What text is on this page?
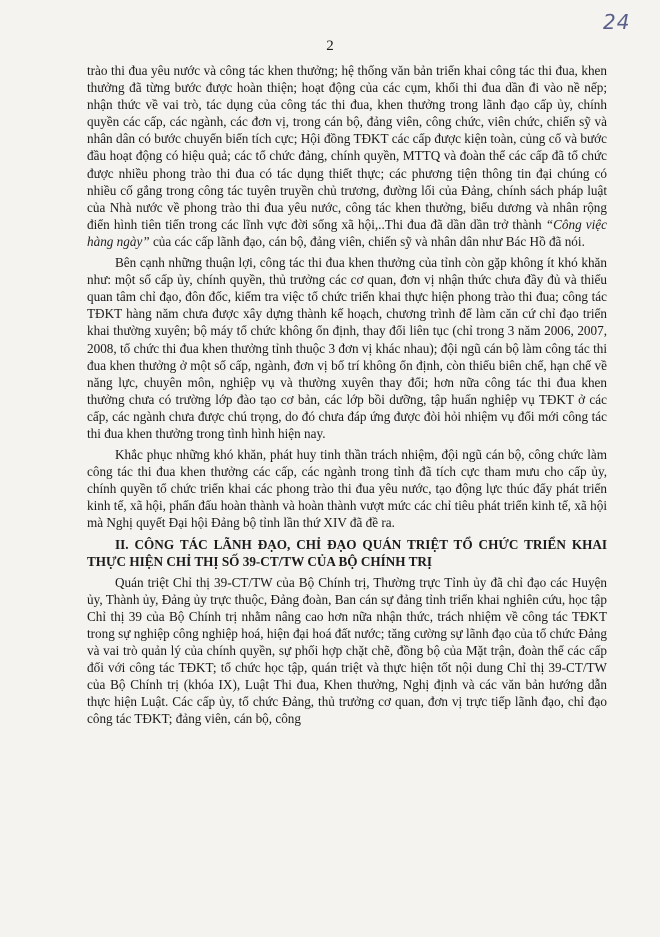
2
24

trào thi đua yêu nước và công tác khen thưởng; hệ thống văn bản triển khai công tác thi đua, khen thưởng đã từng bước được hoàn thiện; hoạt động của các cụm, khối thi đua dần đi vào nề nếp; nhận thức về vai trò, tác dụng của công tác thi đua, khen thưởng trong lãnh đạo cấp ủy, chính quyền các cấp, các ngành, các đơn vị, trong cán bộ, đảng viên, công chức, viên chức, chiến sỹ và nhân dân có bước chuyển biến tích cực; Hội đồng TĐKT các cấp được kiện toàn, củng cố và bước đầu hoạt động có hiệu quả; các tổ chức đảng, chính quyền, MTTQ và đoàn thể các cấp đã tổ chức được nhiều phong trào thi đua có tác dụng thiết thực; các phương tiện thông tin đại chúng có nhiều cố gắng trong công tác tuyên truyền chủ trương, đường lối của Đảng, chính sách pháp luật của Nhà nước về phong trào thi đua yêu nước, công tác khen thưởng, biểu dương và nhân rộng điển hình tiên tiến trong các lĩnh vực đời sống xã hội,..Thi đua đã dần dần trở thành “Công việc hàng ngày” của các cấp lãnh đạo, cán bộ, đảng viên, chiến sỹ và nhân dân như Bác Hồ đã nói.

Bên cạnh những thuận lợi, công tác thi đua khen thưởng của tỉnh còn gặp không ít khó khăn như: một số cấp ủy, chính quyền, thủ trưởng các cơ quan, đơn vị nhận thức chưa đầy đủ và thiếu quan tâm chỉ đạo, đôn đốc, kiểm tra việc tổ chức triển khai thực hiện phong trào thi đua; công tác TĐKT hàng năm chưa được xây dựng thành kế hoạch, chương trình để làm căn cứ chỉ đạo triển khai thường xuyên; bộ máy tổ chức không ổn định, thay đổi liên tục (chỉ trong 3 năm 2006, 2007, 2008, tổ chức thi đua khen thưởng tỉnh thuộc 3 đơn vị khác nhau); đội ngũ cán bộ làm công tác thi đua khen thưởng ở một số cấp, ngành, đơn vị bố trí không ổn định, còn thiếu biên chế, hạn chế về năng lực, chuyên môn, nghiệp vụ và thường xuyên thay đổi; hơn nữa công tác thi đua khen thưởng chưa có trường lớp đào tạo cơ bản, các lớp bồi dưỡng, tập huấn nghiệp vụ TĐKT ở các cấp, các ngành chưa được chú trọng, do đó chưa đáp ứng được đòi hỏi nhiệm vụ đổi mới công tác thi đua khen thưởng trong tình hình hiện nay.

Khắc phục những khó khăn, phát huy tinh thần trách nhiệm, đội ngũ cán bộ, công chức làm công tác thi đua khen thưởng các cấp, các ngành trong tỉnh đã tích cực tham mưu cho cấp ủy, chính quyền tổ chức triển khai các phong trào thi đua yêu nước, tạo động lực thúc đẩy phát triển kinh tế, xã hội, phấn đấu hoàn thành và hoàn thành vượt mức các chỉ tiêu phát triển kinh tế, xã hội mà Nghị quyết Đại hội Đảng bộ tỉnh lần thứ XIV đã đề ra.

II. CÔNG TÁC LÃNH ĐẠO, CHỈ ĐẠO QUÁN TRIỆT TỔ CHỨC TRIỂN KHAI THỰC HIỆN CHỈ THỊ SỐ 39-CT/TW CỦA BỘ CHÍNH TRỊ

Quán triệt Chỉ thị 39-CT/TW của Bộ Chính trị, Thường trực Tỉnh ủy đã chỉ đạo các Huyện ủy, Thành ủy, Đảng ủy trực thuộc, Đảng đoàn, Ban cán sự đảng tỉnh triển khai nghiên cứu, học tập Chỉ thị 39 của Bộ Chính trị nhằm nâng cao hơn nữa nhận thức, trách nhiệm về công tác TĐKT trong sự nghiệp công nghiệp hoá, hiện đại hoá đất nước; tăng cường sự lãnh đạo của tổ chức Đảng và vai trò quản lý của chính quyền, sự phối hợp chặt chẽ, đồng bộ của Mặt trận, đoàn thể các cấp đối với công tác TĐKT; tổ chức học tập, quán triệt và thực hiện tốt nội dung Chỉ thị 39-CT/TW của Bộ Chính trị (khóa IX), Luật Thi đua, Khen thưởng, Nghị định và các văn bản hướng dẫn thực hiện Luật. Các cấp ủy, tổ chức Đảng, thủ trưởng cơ quan, đơn vị trực tiếp lãnh đạo, chỉ đạo công tác TĐKT; đảng viên, cán bộ, công
